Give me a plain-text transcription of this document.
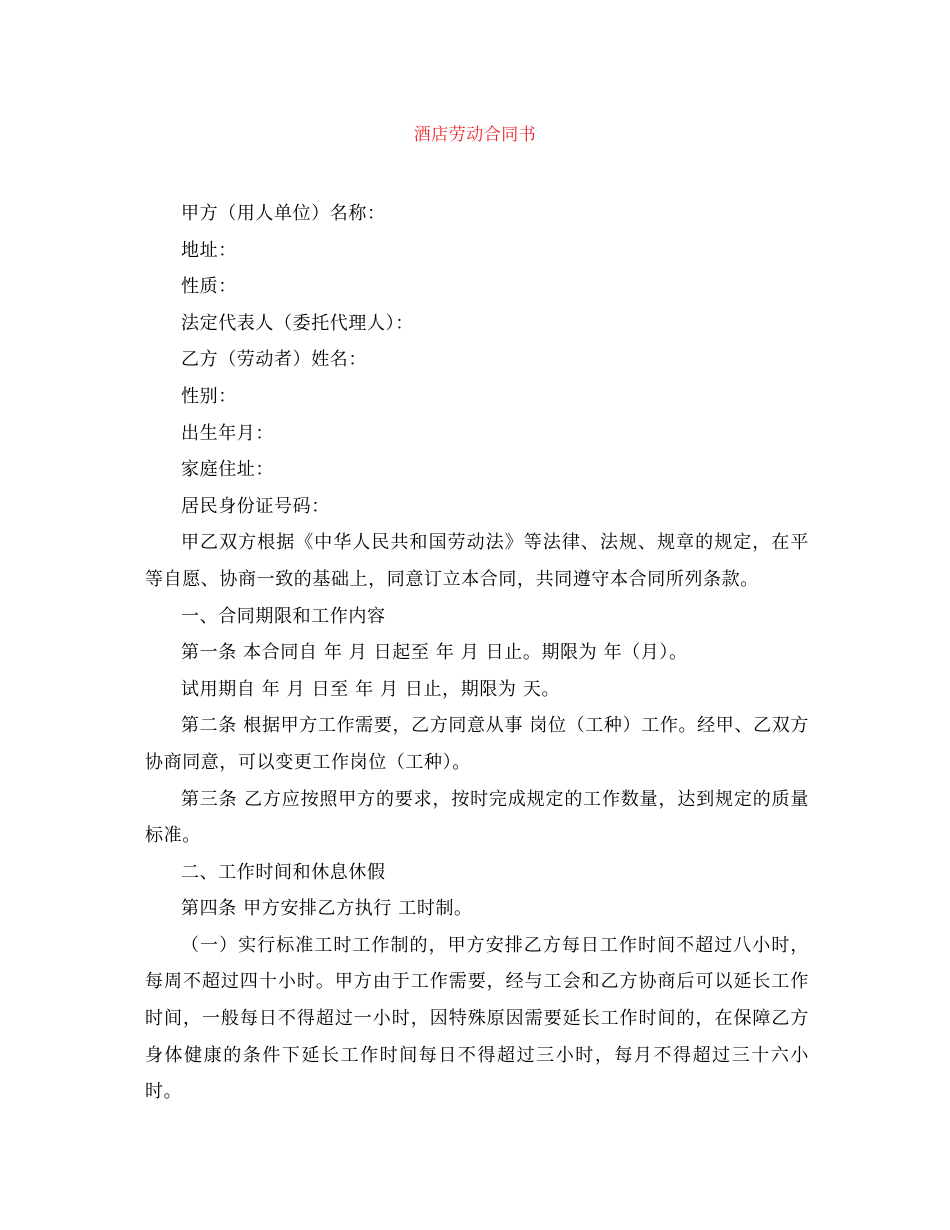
酒店劳动合同书

甲方（用人单位）名称：

地址：

性质：

法定代表人（委托代理人）：

乙方（劳动者）姓名：

性别：

出生年月：

家庭住址：

居民身份证号码：

甲乙双方根据《中华人民共和国劳动法》等法律、法规、规章的规定，在平等自愿、协商一致的基础上，同意订立本合同，共同遵守本合同所列条款。

一、合同期限和工作内容

第一条 本合同自 年 月 日起至 年 月 日止。期限为 年（月）。

试用期自 年 月 日至 年 月 日止，期限为 天。

第二条 根据甲方工作需要，乙方同意从事 岗位（工种）工作。经甲、乙双方协商同意，可以变更工作岗位（工种）。

第三条 乙方应按照甲方的要求，按时完成规定的工作数量，达到规定的质量标准。

二、工作时间和休息休假

第四条 甲方安排乙方执行 工时制。

（一）实行标准工时工作制的，甲方安排乙方每日工作时间不超过八小时，每周不超过四十小时。甲方由于工作需要，经与工会和乙方协商后可以延长工作时间，一般每日不得超过一小时，因特殊原因需要延长工作时间的，在保障乙方身体健康的条件下延长工作时间每日不得超过三小时，每月不得超过三十六小时。
